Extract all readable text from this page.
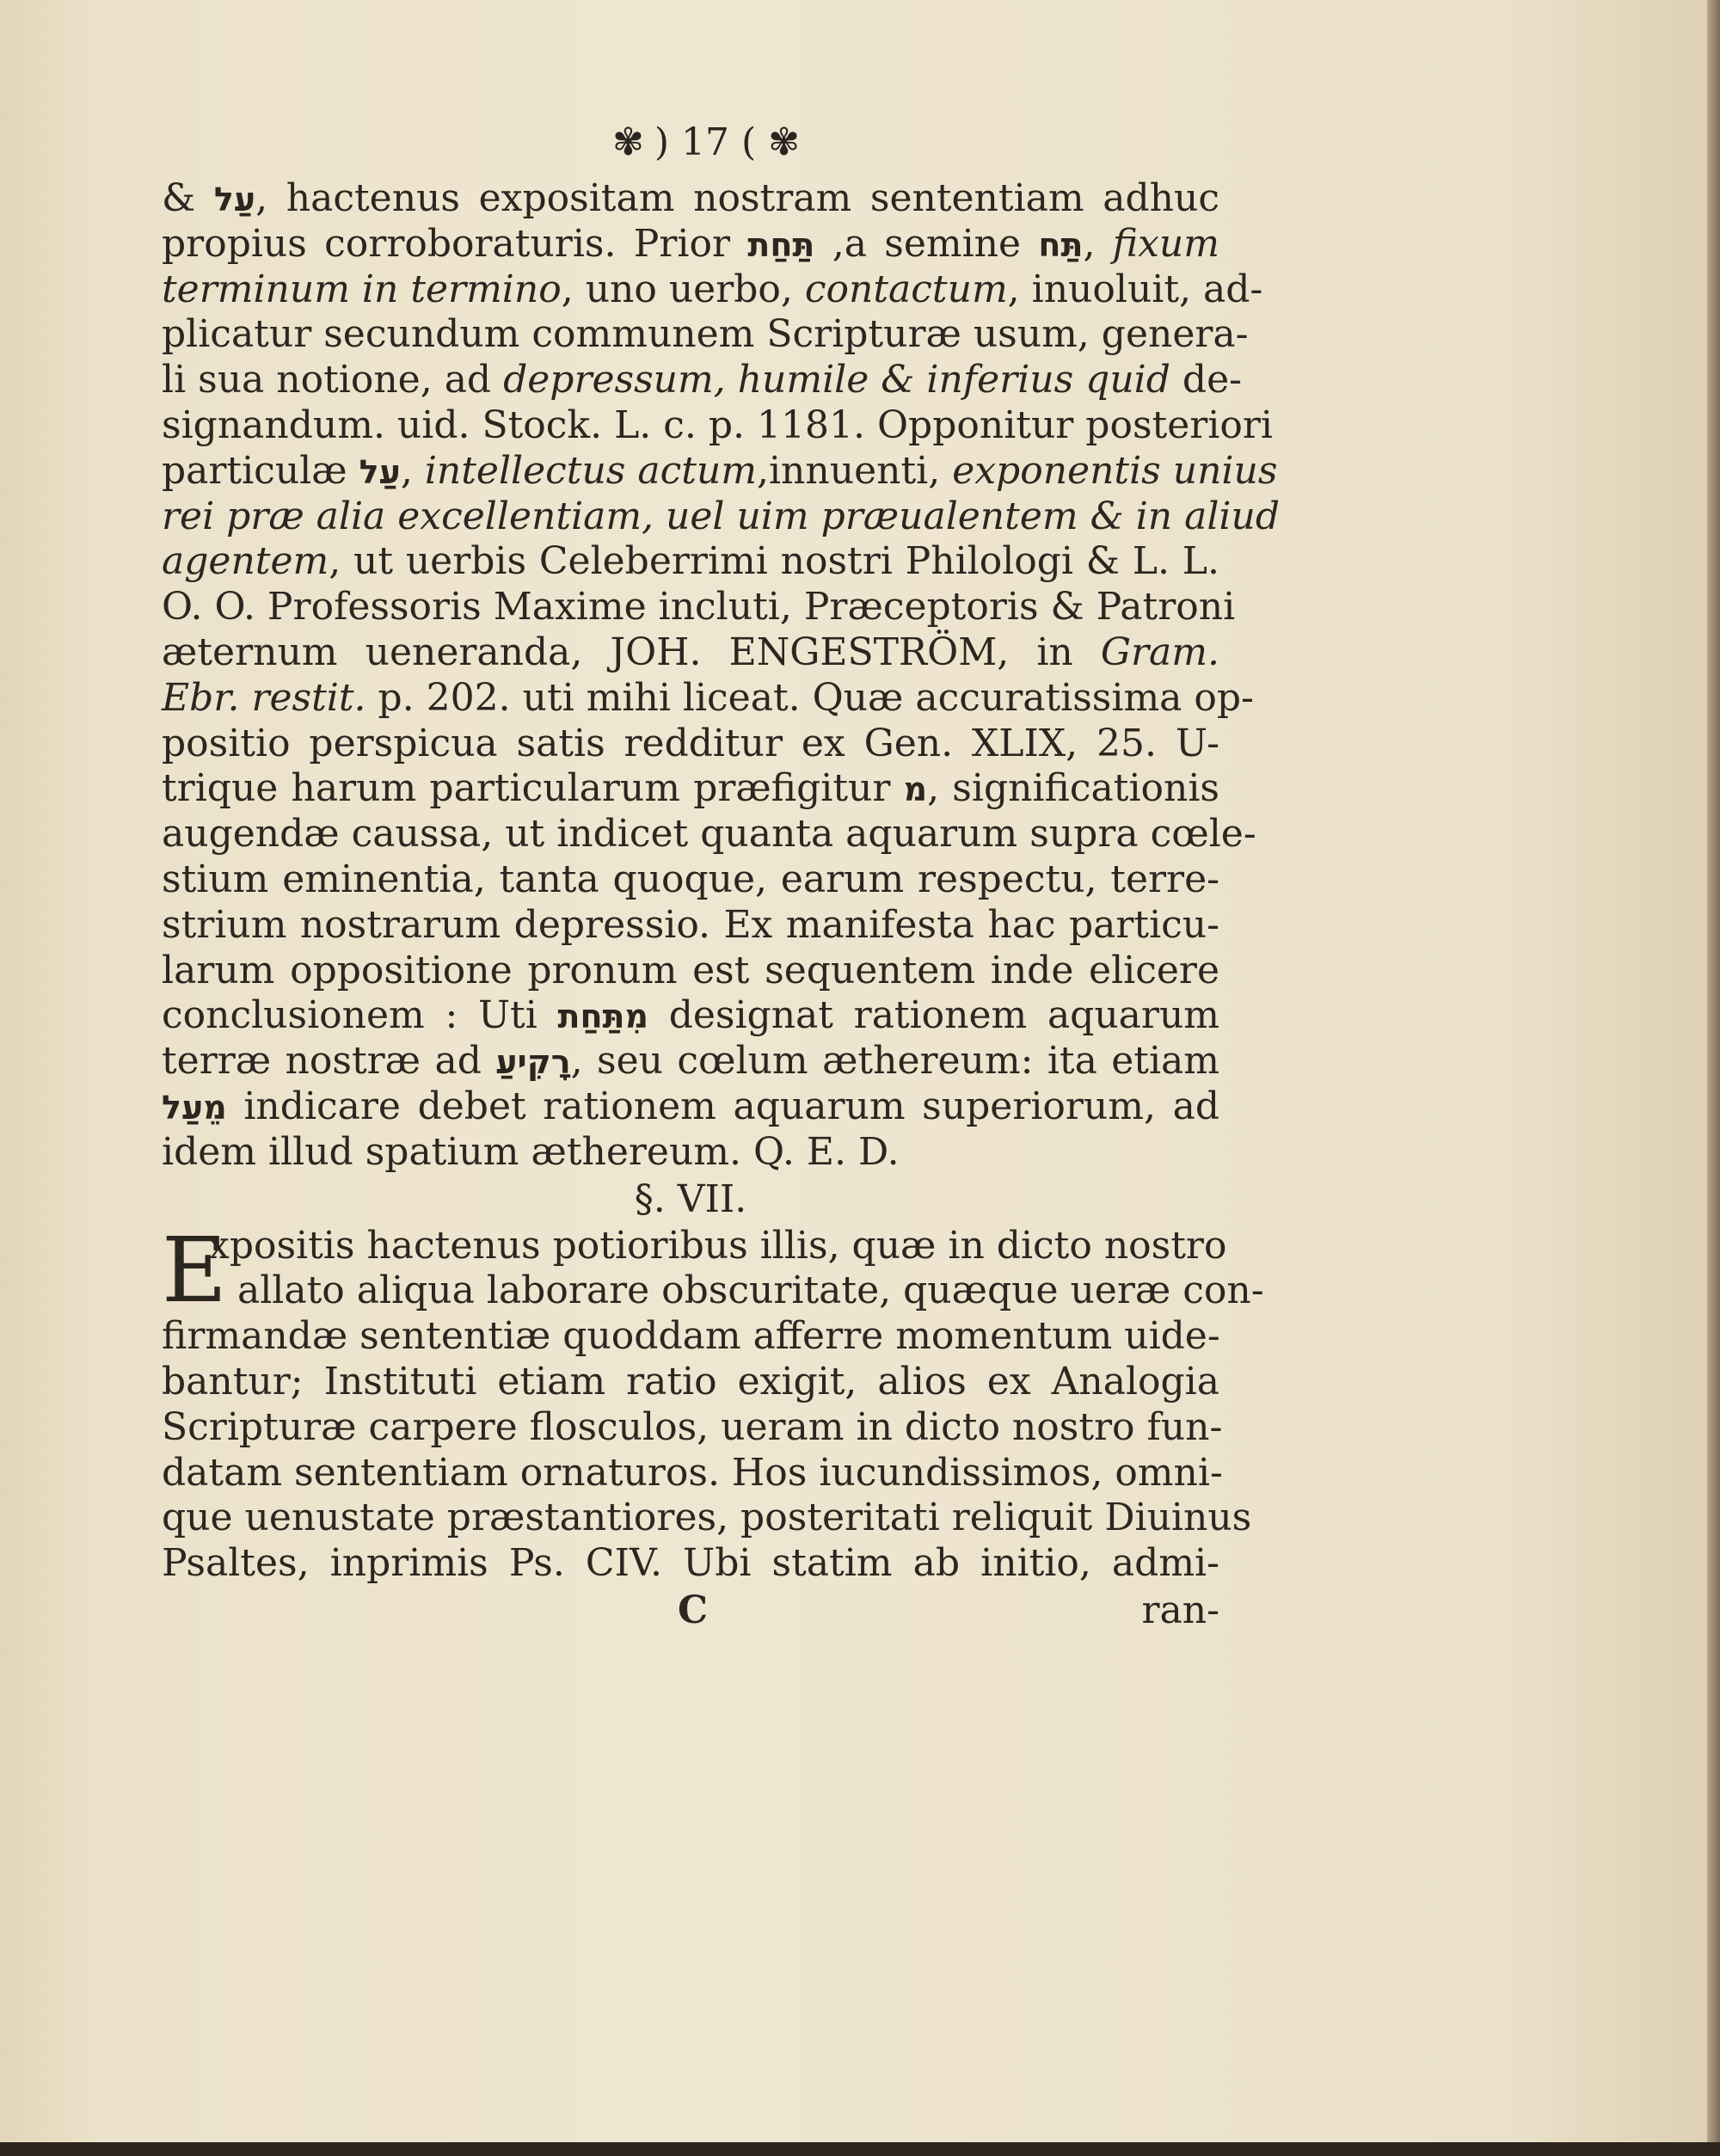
✾ ) 17 ( ✾
& עַל, hactenus expositam nostram sententiam adhuc
propius corroboraturis. Prior תַּחַת ,a semine תַּח, fixum
terminum in termino, uno uerbo, contactum, inuoluit, ad-
plicatur secundum communem Scripturæ usum, genera-
li sua notione, ad depressum, humile & inferius quid de-
signandum. uid. Stock. L. c. p. 1181. Opponitur posteriori
particulæ עַל, intellectus actum,innuenti, exponentis unius
rei præ alia excellentiam, uel uim præualentem & in aliud
agentem, ut uerbis Celeberrimi nostri Philologi & L. L.
O. O. Professoris Maxime incluti, Præceptoris & Patroni
æternum ueneranda, JOH. ENGESTRÖM, in Gram.
Ebr. restit. p. 202. uti mihi liceat. Quæ accuratissima op-
positio perspicua satis redditur ex Gen. XLIX, 25. U-
trique harum particularum præfigitur מ, significationis
augendæ caussa, ut indicet quanta aquarum supra cœle-
stium eminentia, tanta quoque, earum respectu, terre-
strium nostrarum depressio. Ex manifesta hac particu-
larum oppositione pronum est sequentem inde elicere
conclusionem : Uti מִתַּחַת designat rationem aquarum
terræ nostræ ad רָקִיעַ, seu cœlum æthereum: ita etiam
מֵעַל indicare debet rationem aquarum superiorum, ad
idem illud spatium æthereum. Q. E. D.
§. VII.
E
xpositis hactenus potioribus illis, quæ in dicto nostro
allato aliqua laborare obscuritate, quæque ueræ con-
firmandæ sententiæ quoddam afferre momentum uide-
bantur; Instituti etiam ratio exigit, alios ex Analogia
Scripturæ carpere flosculos, ueram in dicto nostro fun-
datam sententiam ornaturos. Hos iucundissimos, omni-
que uenustate præstantiores, posteritati reliquit Diuinus
Psaltes, inprimis Ps. CIV. Ubi statim ab initio, admi-
C	ran-
